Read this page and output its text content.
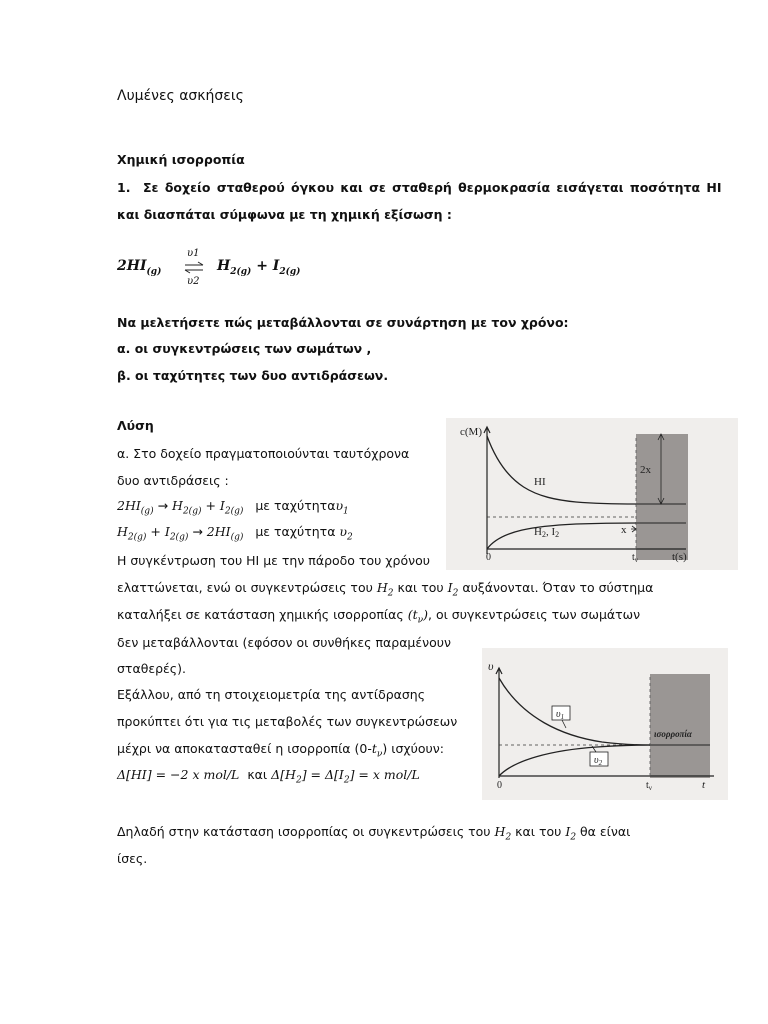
Λυμένες ασκήσεις
Χημική ισορροπία
1. Σε δοχείο σταθερού όγκου και σε σταθερή θερμοκρασία εισάγεται ποσότητα HI
και διασπάται σύμφωνα με τη χημική εξίσωση :
$2HI_{(g)}$
υ1
υ2
$H_{2(g)} + I_{2(g)}$
Να μελετήσετε πώς μεταβάλλονται σε συνάρτηση με τον χρόνο:
α. οι συγκεντρώσεις των σωμάτων ,
β. οι ταχύτητες των δυο αντιδράσεων.
Λύση
α. Στο δοχείο πραγματοποιούνται ταυτόχρονα
δυο αντιδράσεις :
$2HI_{(g)} \to H_{2(g)} + I_{2(g)}$ με ταχύτηταυ$_1$
$H_{2(g)} + I_{2(g)} \to 2HI_{(g)}$ με ταχύτητα $\upsilon_2$
Η συγκέντρωση του HI με την πάροδο του χρόνου
ελαττώνεται, ενώ οι συγκεντρώσεις του $H_2$ και του $I_2$ αυξάνονται. Όταν το σύστημα
καταλήξει σε κατάσταση χημικής ισορροπίας $(t_\nu)$, οι συγκεντρώσεις των σωμάτων
δεν μεταβάλλονται (εφόσον οι συνθήκες παραμένουν
σταθερές).
Εξάλλου, από τη στοιχειομετρία της αντίδρασης
προκύπτει ότι για τις μεταβολές των συγκεντρώσεων
μέχρι να αποκατασταθεί η ισορροπία $(0-t_\nu)$ ισχύουν:
Δ[HI] = −2 x mol/L και $\Delta[H_2] = \Delta[I_2] = x$ mol/L
Δηλαδή στην κατάσταση ισορροπίας οι συγκεντρώσεις του $H_2$ και του $I_2$ θα είναι
ίσες.
c(M)
t(s)
0	$t_\nu$
HI
H2, I2
2x
x
υ
t
0	$t_\nu$
$\upsilon_1$
$\upsilon_2$
ισορροπία
